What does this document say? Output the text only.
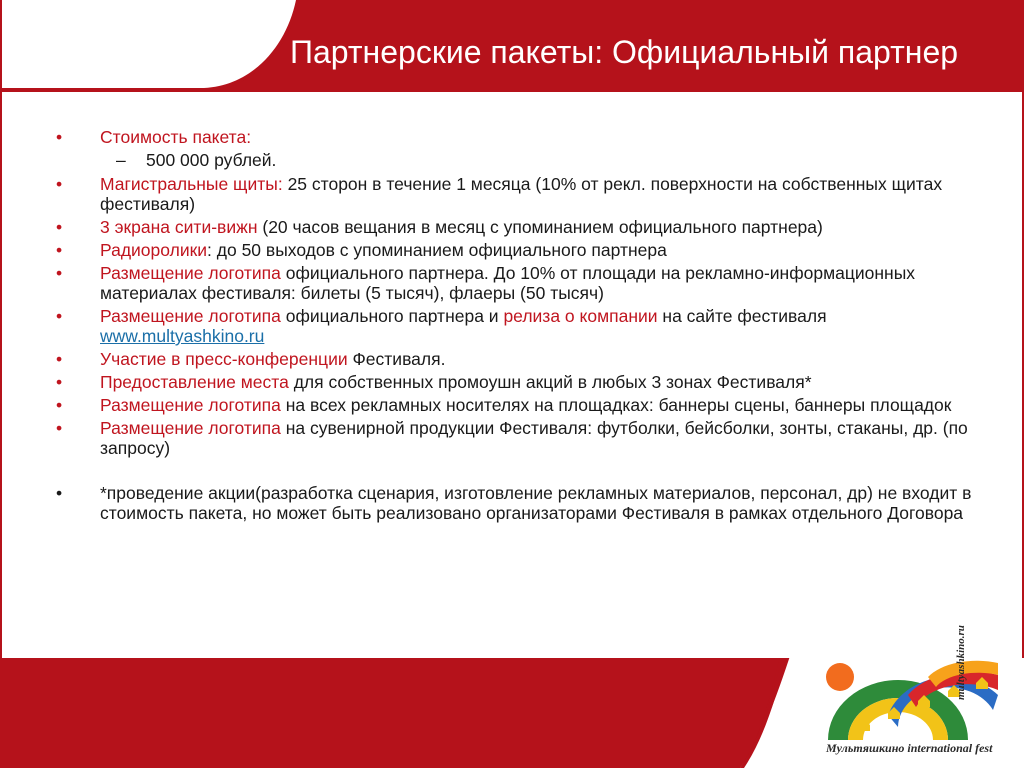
Партнерские пакеты: Официальный партнер
• Стоимость пакета:
– 500 000 рублей.
• Магистральные щиты: 25 сторон в течение 1 месяца (10% от рекл. поверхности на собственных щитах фестиваля)
• 3 экрана сити-вижн (20 часов вещания в месяц с упоминанием официального партнера)
• Радиоролики: до 50 выходов с упоминанием официального партнера
• Размещение логотипа официального партнера. До 10% от площади на рекламно-информационных материалах фестиваля: билеты (5 тысяч), флаеры (50 тысяч)
• Размещение логотипа официального партнера и релиза о компании на сайте фестиваля www.multyashkino.ru
• Участие в пресс-конференции Фестиваля.
• Предоставление места для собственных промоушн акций в любых 3 зонах Фестиваля*
• Размещение логотипа на всех рекламных носителях на площадках: баннеры сцены, баннеры площадок
• Размещение логотипа на сувенирной продукции Фестиваля: футболки, бейсболки, зонты, стаканы, др. (по запросу)
• *проведение акции(разработка сценария, изготовление рекламных материалов, персонал, др) не входит в стоимость пакета, но может быть реализовано организаторами Фестиваля в рамках отдельного Договора
Мультяшкино international fest
multyashkino.ru
